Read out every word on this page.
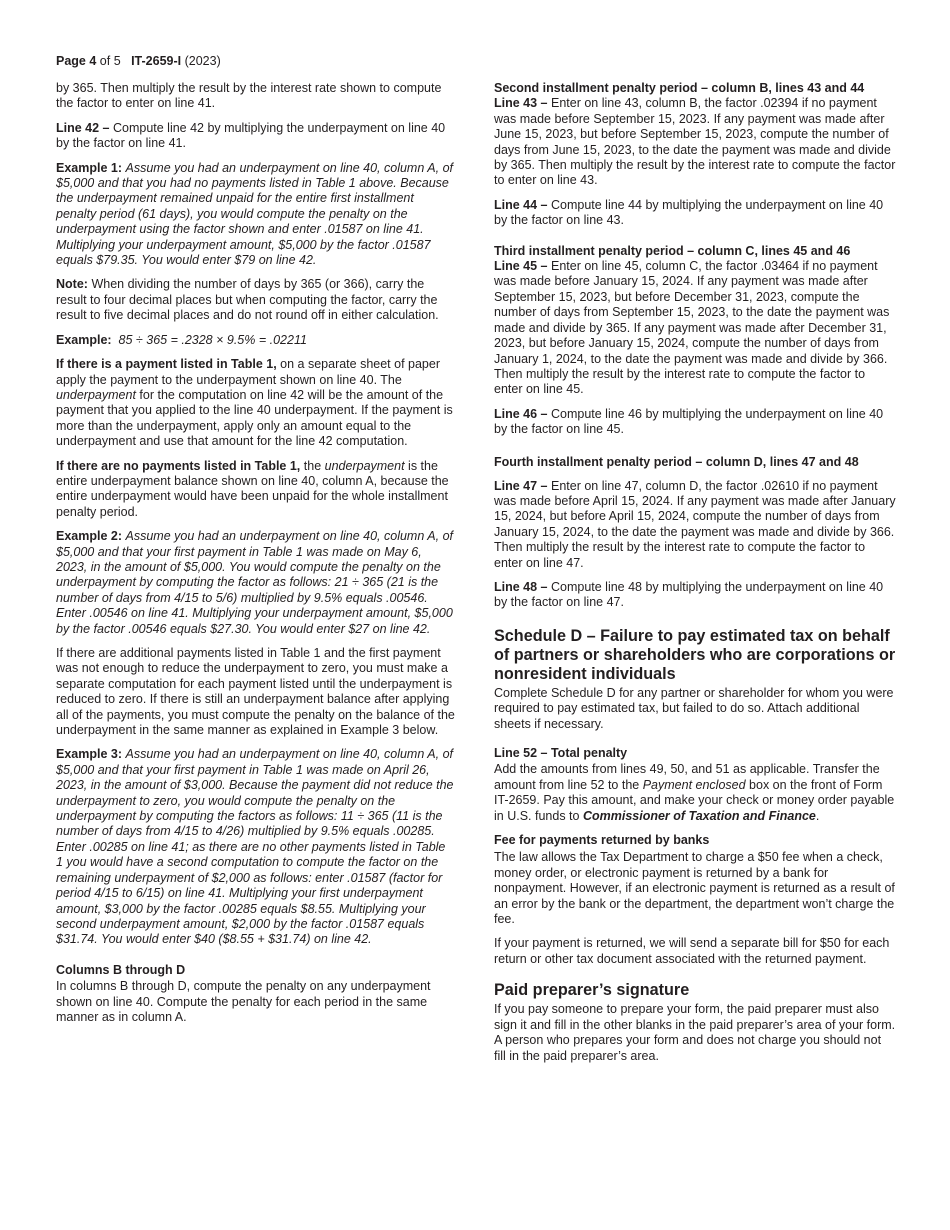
Page 4 of 5 IT-2659-I (2023)

by 365. Then multiply the result by the interest rate shown to compute the factor to enter on line 41.

Line 42 – Compute line 42 by multiplying the underpayment on line 40 by the factor on line 41.

Example 1: Assume you had an underpayment on line 40, column A, of $5,000 and that you had no payments listed in Table 1 above. Because the underpayment remained unpaid for the entire first installment penalty period (61 days), you would compute the penalty on the underpayment using the factor shown and enter .01587 on line 41. Multiplying your underpayment amount, $5,000 by the factor .01587 equals $79.35. You would enter $79 on line 42.

Note: When dividing the number of days by 365 (or 366), carry the result to four decimal places but when computing the factor, carry the result to five decimal places and do not round off in either calculation.

Example: 85 ÷ 365 = .2328 × 9.5% = .02211

If there is a payment listed in Table 1, on a separate sheet of paper apply the payment to the underpayment shown on line 40. The underpayment for the computation on line 42 will be the amount of the payment that you applied to the line 40 underpayment. If the payment is more than the underpayment, apply only an amount equal to the underpayment and use that amount for the line 42 computation.

If there are no payments listed in Table 1, the underpayment is the entire underpayment balance shown on line 40, column A, because the entire underpayment would have been unpaid for the whole installment penalty period.

Example 2: Assume you had an underpayment on line 40, column A, of $5,000 and that your first payment in Table 1 was made on May 6, 2023, in the amount of $5,000. You would compute the penalty on the underpayment by computing the factor as follows: 21 ÷ 365 (21 is the number of days from 4/15 to 5/6) multiplied by 9.5% equals .00546. Enter .00546 on line 41. Multiplying your underpayment amount, $5,000 by the factor .00546 equals $27.30. You would enter $27 on line 42.

If there are additional payments listed in Table 1 and the first payment was not enough to reduce the underpayment to zero, you must make a separate computation for each payment listed until the underpayment is reduced to zero. If there is still an underpayment balance after applying all of the payments, you must compute the penalty on the balance of the underpayment in the same manner as explained in Example 3 below.

Example 3: Assume you had an underpayment on line 40, column A, of $5,000 and that your first payment in Table 1 was made on April 26, 2023, in the amount of $3,000. Because the payment did not reduce the underpayment to zero, you would compute the penalty on the underpayment by computing the factors as follows: 11 ÷ 365 (11 is the number of days from 4/15 to 4/26) multiplied by 9.5% equals .00285. Enter .00285 on line 41; as there are no other payments listed in Table 1 you would have a second computation to compute the factor on the remaining underpayment of $2,000 as follows: enter .01587 (factor for period 4/15 to 6/15) on line 41. Multiplying your first underpayment amount, $3,000 by the factor .00285 equals $8.55. Multiplying your second underpayment amount, $2,000 by the factor .01587 equals $31.74. You would enter $40 ($8.55 + $31.74) on line 42.

Columns B through D

In columns B through D, compute the penalty on any underpayment shown on line 40. Compute the penalty for each period in the same manner as in column A.

Second installment penalty period – column B, lines 43 and 44

Line 43 – Enter on line 43, column B, the factor .02394 if no payment was made before September 15, 2023. If any payment was made after June 15, 2023, but before September 15, 2023, compute the number of days from June 15, 2023, to the date the payment was made and divide by 365. Then multiply the result by the interest rate to compute the factor to enter on line 43.

Line 44 – Compute line 44 by multiplying the underpayment on line 40 by the factor on line 43.

Third installment penalty period – column C, lines 45 and 46

Line 45 – Enter on line 45, column C, the factor .03464 if no payment was made before January 15, 2024. If any payment was made after September 15, 2023, but before December 31, 2023, compute the number of days from September 15, 2023, to the date the payment was made and divide by 365. If any payment was made after December 31, 2023, but before January 15, 2024, compute the number of days from January 1, 2024, to the date the payment was made and divide by 366. Then multiply the result by the interest rate to compute the factor to enter on line 45.

Line 46 – Compute line 46 by multiplying the underpayment on line 40 by the factor on line 45.

Fourth installment penalty period – column D, lines 47 and 48

Line 47 – Enter on line 47, column D, the factor .02610 if no payment was made before April 15, 2024. If any payment was made after January 15, 2024, but before April 15, 2024, compute the number of days from January 15, 2024, to the date the payment was made and divide by 366. Then multiply the result by the interest rate to compute the factor to enter on line 47.

Line 48 – Compute line 48 by multiplying the underpayment on line 40 by the factor on line 47.

Schedule D – Failure to pay estimated tax on behalf of partners or shareholders who are corporations or nonresident individuals

Complete Schedule D for any partner or shareholder for whom you were required to pay estimated tax, but failed to do so. Attach additional sheets if necessary.

Line 52 – Total penalty

Add the amounts from lines 49, 50, and 51 as applicable. Transfer the amount from line 52 to the Payment enclosed box on the front of Form IT-2659. Pay this amount, and make your check or money order payable in U.S. funds to Commissioner of Taxation and Finance.

Fee for payments returned by banks

The law allows the Tax Department to charge a $50 fee when a check, money order, or electronic payment is returned by a bank for nonpayment. However, if an electronic payment is returned as a result of an error by the bank or the department, the department won’t charge the fee.

If your payment is returned, we will send a separate bill for $50 for each return or other tax document associated with the returned payment.

Paid preparer’s signature

If you pay someone to prepare your form, the paid preparer must also sign it and fill in the other blanks in the paid preparer’s area of your form. A person who prepares your form and does not charge you should not fill in the paid preparer’s area.
